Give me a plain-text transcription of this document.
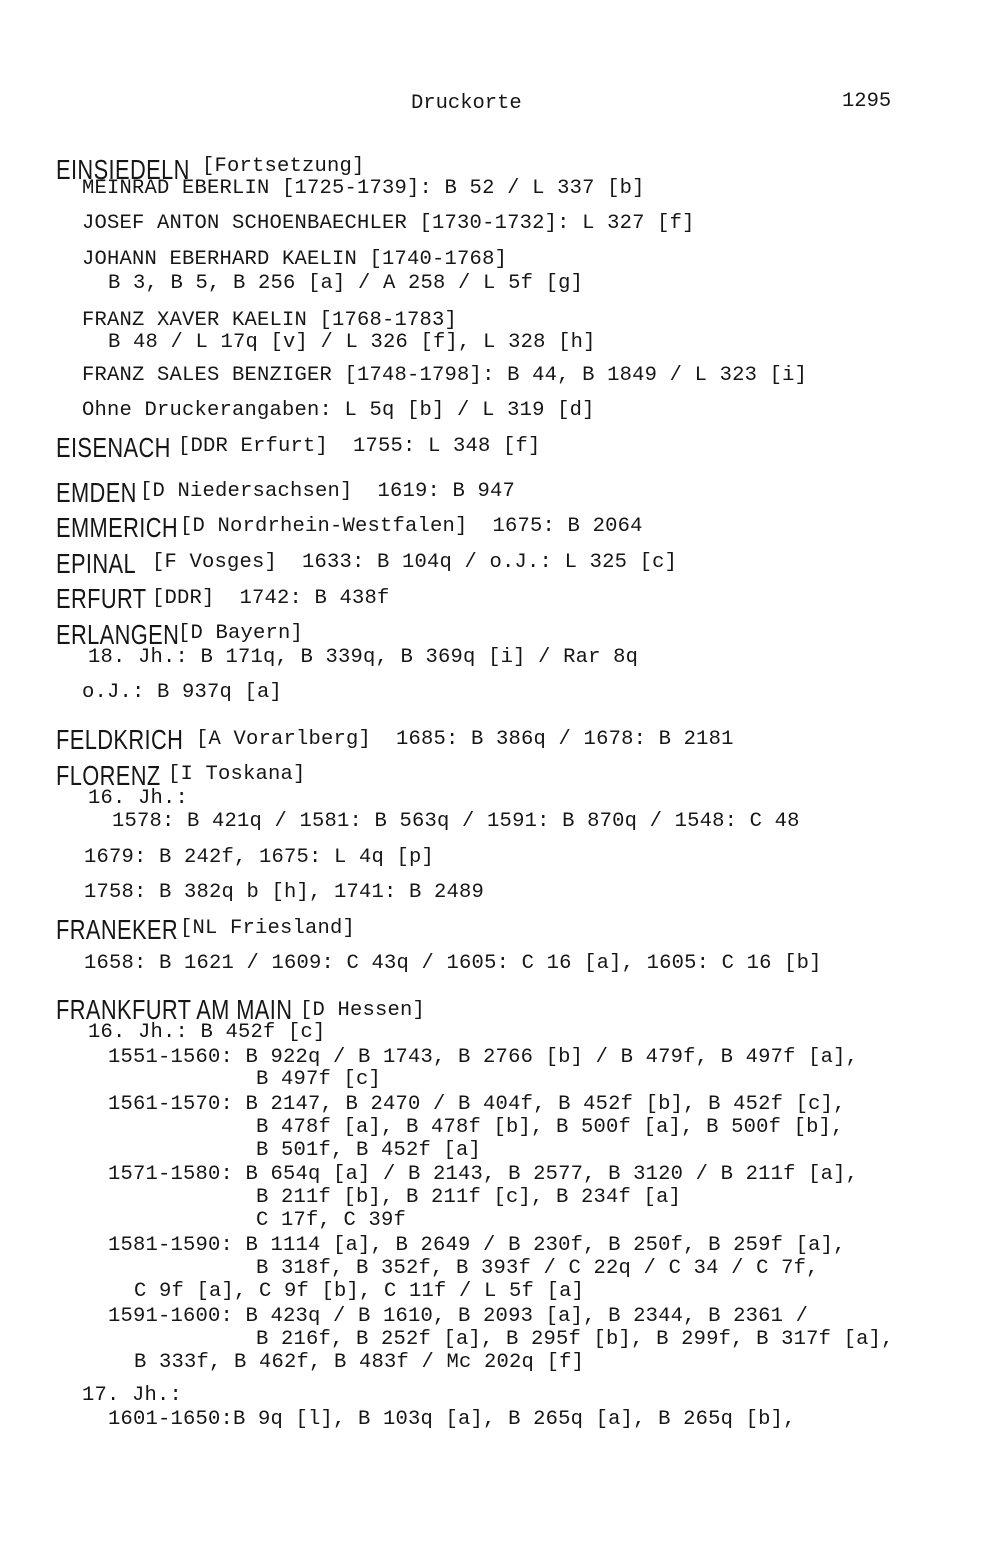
Druckorte	1295
EINSIEDELN [Fortsetzung]
MEINRAD EBERLIN [1725-1739]: B 52 / L 337 [b]
JOSEF ANTON SCHOENBAECHLER [1730-1732]: L 327 [f]
JOHANN EBERHARD KAELIN [1740-1768]
B 3, B 5, B 256 [a] / A 258 / L 5f [g]
FRANZ XAVER KAELIN [1768-1783]
B 48 / L 17q [v] / L 326 [f], L 328 [h]
FRANZ SALES BENZIGER [1748-1798]: B 44, B 1849 / L 323 [i]
Ohne Druckerangaben: L 5q [b] / L 319 [d]
EISENACH [DDR Erfurt]  1755: L 348 [f]
EMDEN [D Niedersachsen]  1619: B 947
EMMERICH [D Nordrhein-Westfalen]  1675: B 2064
EPINAL [F Vosges]  1633: B 104q / o.J.: L 325 [c]
ERFURT [DDR]  1742: B 438f
ERLANGEN
[D Bayern]
18. Jh.: B 171q, B 339q, B 369q [i] / Rar 8q
o.J.: B 937q [a]
FELDKRICH [A Vorarlberg]  1685: B 386q / 1678: B 2181
FLORENZ [I Toskana]
16. Jh.:
1578: B 421q / 1581: B 563q / 1591: B 870q / 1548: C 48
1679: B 242f, 1675: L 4q [p]
1758: B 382q b [h], 1741: B 2489
FRANEKER [NL Friesland]
1658: B 1621 / 1609: C 43q / 1605: C 16 [a], 1605: C 16 [b]
FRANKFURT AM MAIN [D Hessen]
16. Jh.: B 452f [c]
1551-1560: B 922q / B 1743, B 2766 [b] / B 479f, B 497f [a],
B 497f [c]
1561-1570: B 2147, B 2470 / B 404f, B 452f [b], B 452f [c],
B 478f [a], B 478f [b], B 500f [a], B 500f [b],
B 501f, B 452f [a]
1571-1580: B 654q [a] / B 2143, B 2577, B 3120 / B 211f [a],
B 211f [b], B 211f [c], B 234f [a]
C 17f, C 39f
1581-1590: B 1114 [a], B 2649 / B 230f, B 250f, B 259f [a],
B 318f, B 352f, B 393f / C 22q / C 34 / C 7f,
C 9f [a], C 9f [b], C 11f / L 5f [a]
1591-1600: B 423q / B 1610, B 2093 [a], B 2344, B 2361 /
B 216f, B 252f [a], B 295f [b], B 299f, B 317f [a],
B 333f, B 462f, B 483f / Mc 202q [f]
17. Jh.:
1601-1650:B 9q [l], B 103q [a], B 265q [a], B 265q [b],
